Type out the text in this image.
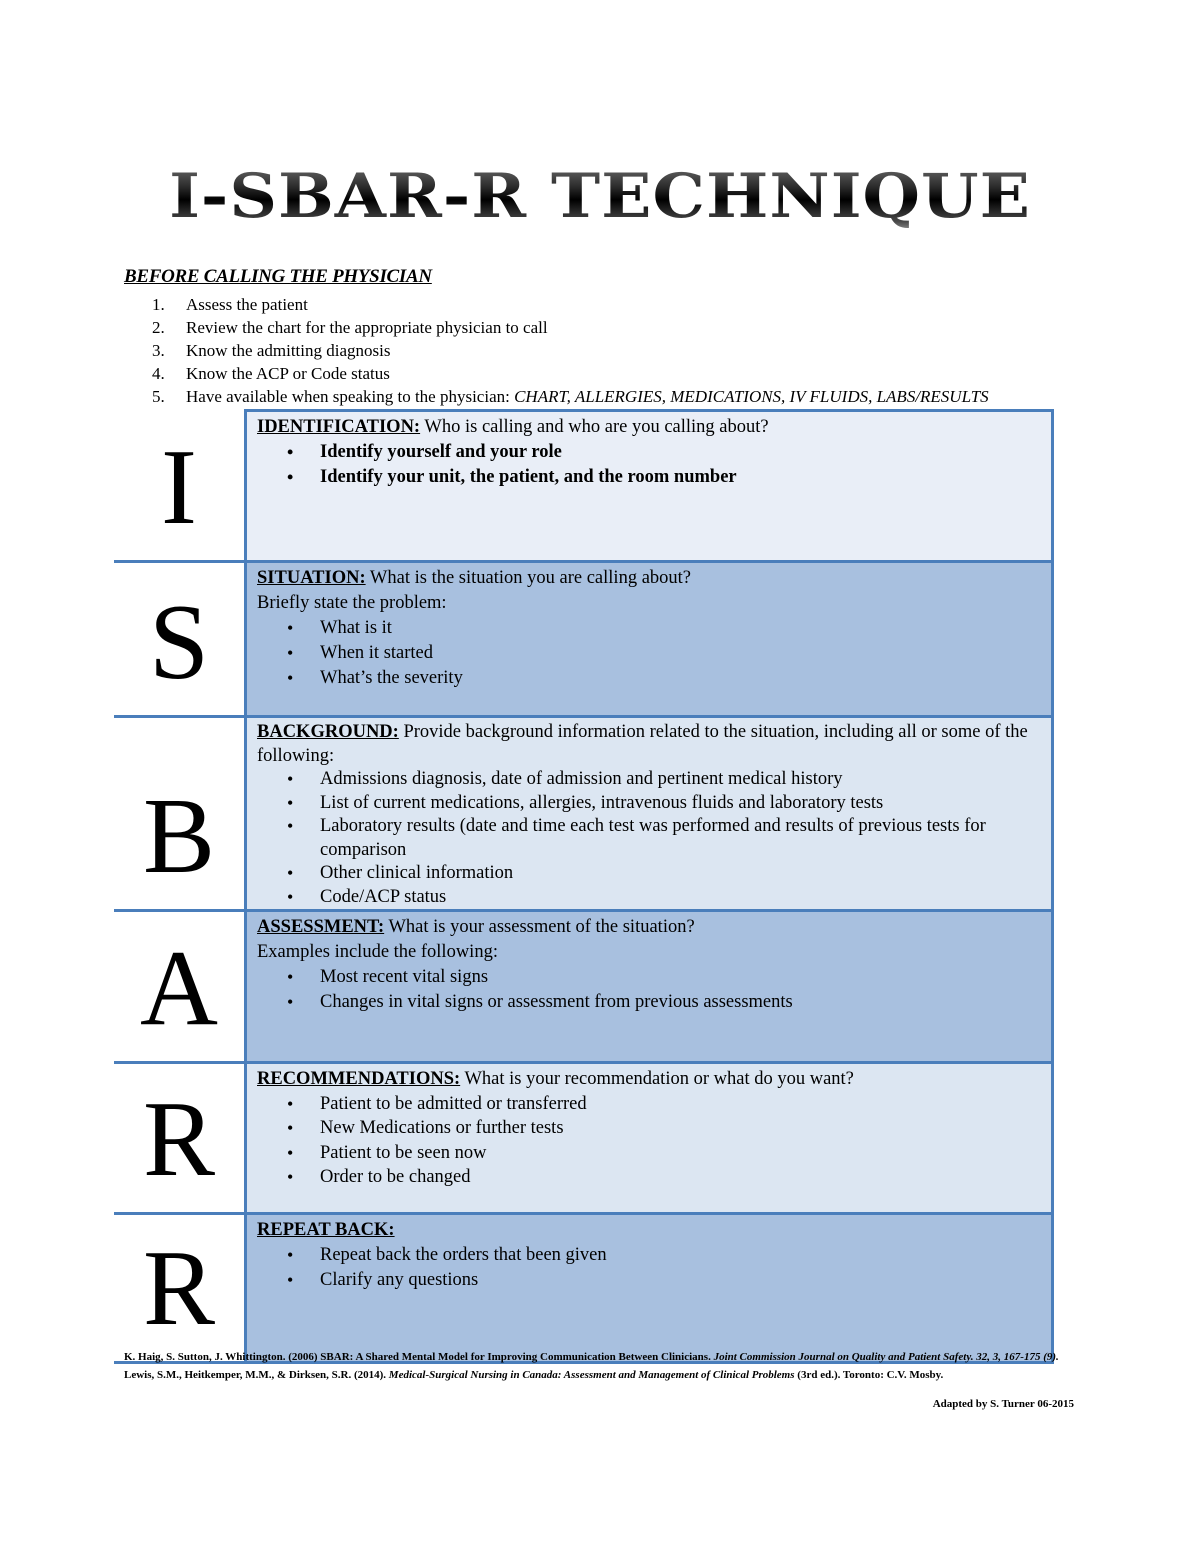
I-SBAR-R TECHNIQUE
BEFORE CALLING THE PHYSICIAN
1. Assess the patient
2. Review the chart for the appropriate physician to call
3. Know the admitting diagnosis
4. Know the ACP or Code status
5. Have available when speaking to the physician: CHART, ALLERGIES, MEDICATIONS, IV FLUIDS, LABS/RESULTS
I
IDENTIFICATION: Who is calling and who are you calling about?
• Identify yourself and your role
• Identify your unit, the patient, and the room number
S
SITUATION: What is the situation you are calling about?
Briefly state the problem:
• What is it
• When it started
• What’s the severity
B
BACKGROUND: Provide background information related to the situation, including all or some of the following:
• Admissions diagnosis, date of admission and pertinent medical history
• List of current medications, allergies, intravenous fluids and laboratory tests
• Laboratory results (date and time each test was performed and results of previous tests for comparison
• Other clinical information
• Code/ACP status
A
ASSESSMENT: What is your assessment of the situation?
Examples include the following:
• Most recent vital signs
• Changes in vital signs or assessment from previous assessments
R
RECOMMENDATIONS: What is your recommendation or what do you want?
• Patient to be admitted or transferred
• New Medications or further tests
• Patient to be seen now
• Order to be changed
R	REPEAT BACK:
• Repeat back the orders that been given
• Clarify any questions
K. Haig, S. Sutton, J. Whittington. (2006) SBAR: A Shared Mental Model for Improving Communication Between Clinicians. Joint Commission Journal on Quality and Patient Safety. 32, 3, 167-175 (9).
Lewis, S.M., Heitkemper, M.M., & Dirksen, S.R. (2014). Medical-Surgical Nursing in Canada: Assessment and Management of Clinical Problems (3rd ed.). Toronto: C.V. Mosby.
Adapted by S. Turner 06-2015
